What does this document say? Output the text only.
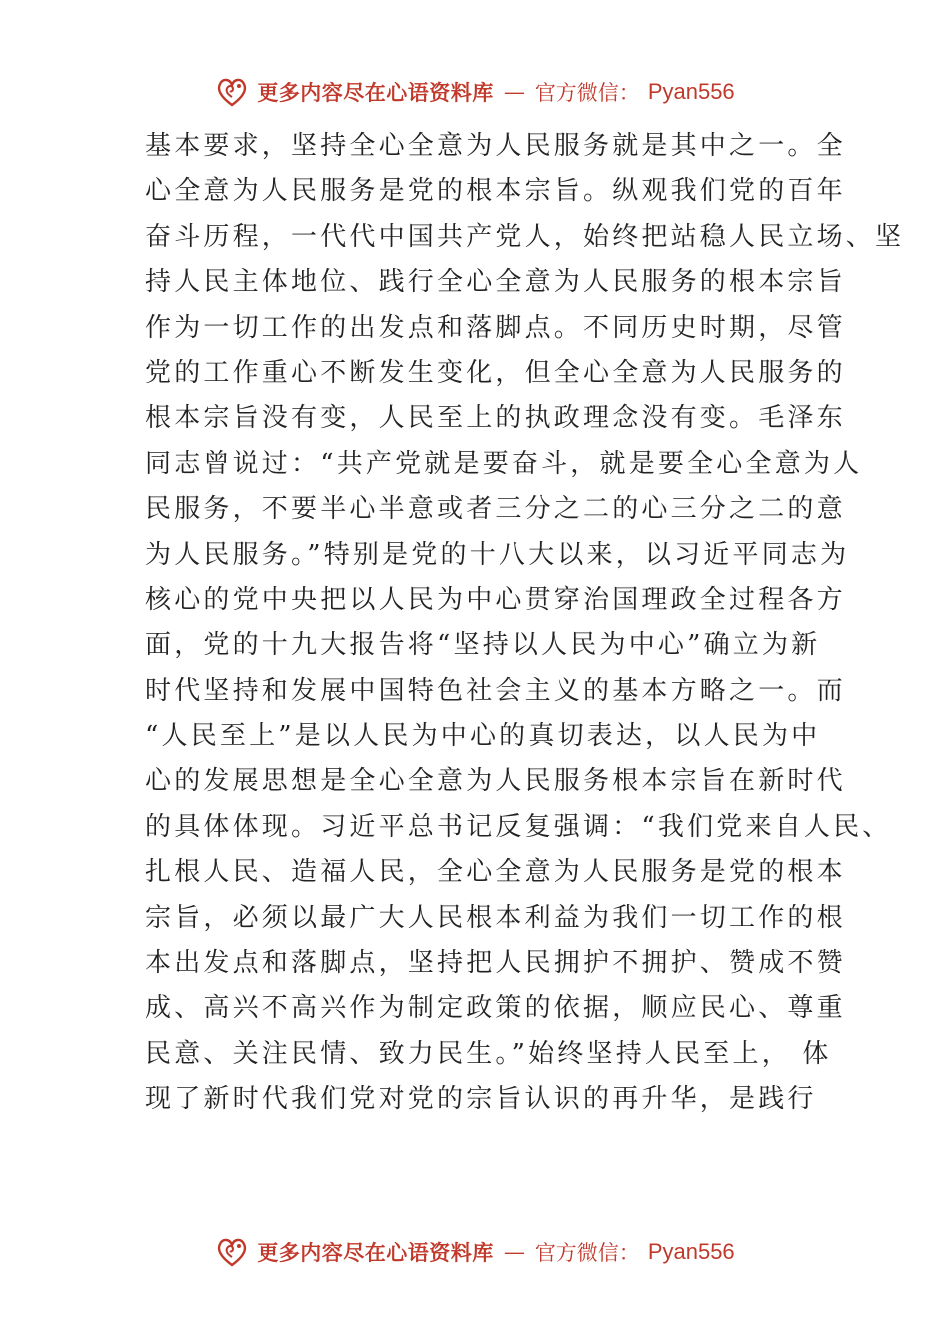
更多内容尽在心语资料库 — 官方微信： Pyan556
基本要求，坚持全心全意为人民服务就是其中之一。全
心全意为人民服务是党的根本宗旨。纵观我们党的百年
奋斗历程，一代代中国共产党人，始终把站稳人民立场、坚
持人民主体地位、践行全心全意为人民服务的根本宗旨
作为一切工作的出发点和落脚点。不同历史时期，尽管
党的工作重心不断发生变化，但全心全意为人民服务的
根本宗旨没有变，人民至上的执政理念没有变。毛泽东
同志曾说过：“共产党就是要奋斗，就是要全心全意为人
民服务，不要半心半意或者三分之二的心三分之二的意
为人民服务。”特别是党的十八大以来，以习近平同志为
核心的党中央把以人民为中心贯穿治国理政全过程各方
面，党的十九大报告将“坚持以人民为中心”确立为新
时代坚持和发展中国特色社会主义的基本方略之一。而
“人民至上”是以人民为中心的真切表达，以人民为中
心的发展思想是全心全意为人民服务根本宗旨在新时代
的具体体现。习近平总书记反复强调：“我们党来自人民、
扎根人民、造福人民，全心全意为人民服务是党的根本
宗旨，必须以最广大人民根本利益为我们一切工作的根
本出发点和落脚点，坚持把人民拥护不拥护、赞成不赞
成、高兴不高兴作为制定政策的依据，顺应民心、尊重
民意、关注民情、致力民生。”始终坚持人民至上， 体
现了新时代我们党对党的宗旨认识的再升华，是践行
更多内容尽在心语资料库 — 官方微信： Pyan556
